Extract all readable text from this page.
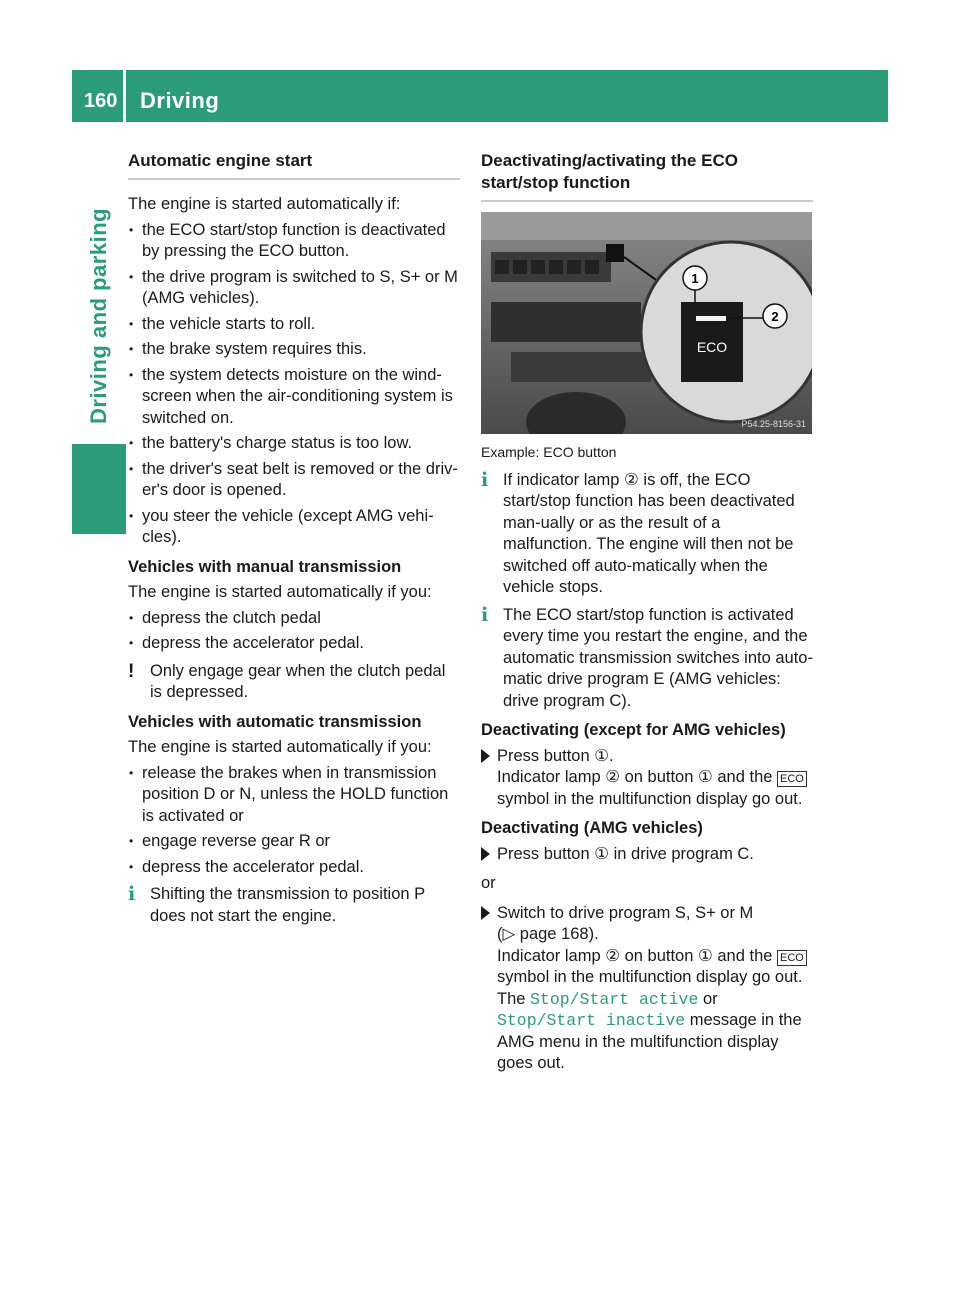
160 Driving
Driving and parking
Automatic engine start

The engine is started automatically if:

• the ECO start/stop function is deactivated by pressing the ECO button.
• the drive program is switched to S, S+ or M (AMG vehicles).
• the vehicle starts to roll.
• the brake system requires this.
• the system detects moisture on the wind-screen when the air-conditioning system is switched on.
• the battery's charge status is too low.
• the driver's seat belt is removed or the driv-er's door is opened.
• you steer the vehicle (except AMG vehi-cles).
Vehicles with manual transmission

The engine is started automatically if you:

• depress the clutch pedal
• depress the accelerator pedal.
! Only engage gear when the clutch pedal is depressed.
Vehicles with automatic transmission

The engine is started automatically if you:

• release the brakes when in transmission position D or N, unless the HOLD function is activated or
• engage reverse gear R or
• depress the accelerator pedal.
i Shifting the transmission to position P does not start the engine.
Deactivating/activating the ECO start/stop function
ECO
1
2
P54.25-8156-31
Example: ECO button
i If indicator lamp ② is off, the ECO start/stop function has been deactivated man-ually or as the result of a malfunction. The engine will then not be switched off auto-matically when the vehicle stops.
i The ECO start/stop function is activated every time you restart the engine, and the automatic transmission switches into auto-matic drive program E (AMG vehicles: drive program C).
Deactivating (except for AMG vehicles)
Press button ①.
Indicator lamp ② on button ① and the ECO symbol in the multifunction display go out.
Deactivating (AMG vehicles)
Press button ① in drive program C.

or

Switch to drive program S, S+ or M
(▷ page 168).
Indicator lamp ② on button ① and the ECO symbol in the multifunction display go out.
The Stop/Start active or Stop/Start inactive message in the AMG menu in the multifunction display goes out.
